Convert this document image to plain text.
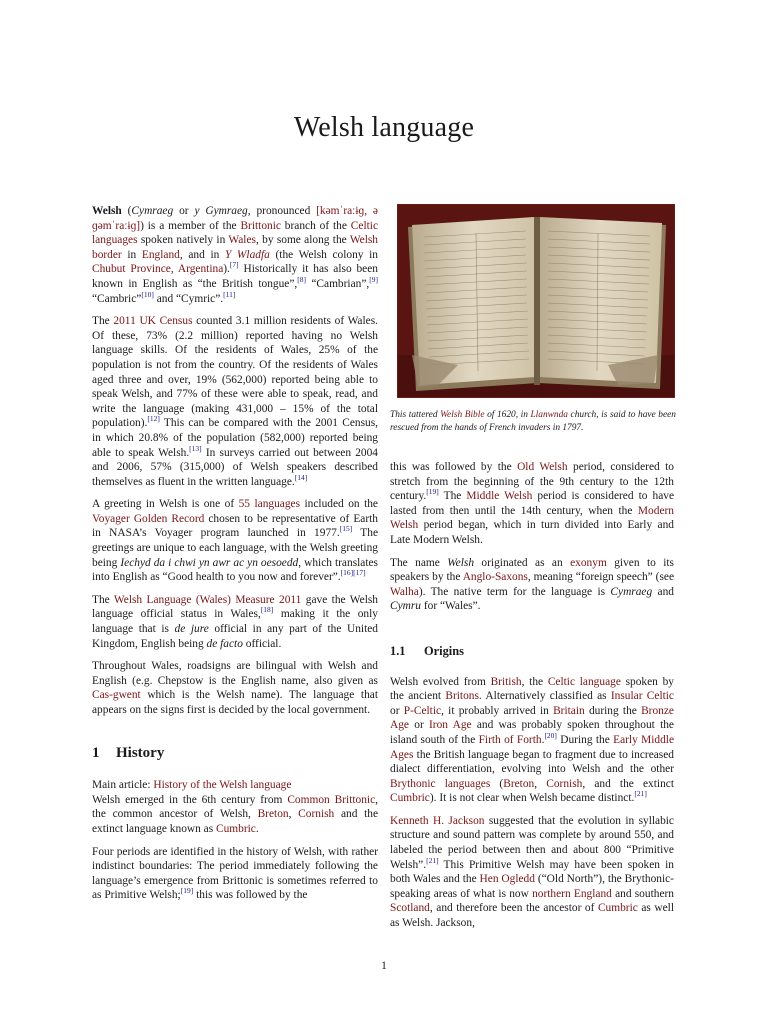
Welsh language

Welsh (Cymraeg or y Gymraeg, pronounced [kəmˈraːɨɡ, ə ɡəmˈraːɨɡ]) is a member of the Brittonic branch of the Celtic languages spoken natively in Wales, by some along the Welsh border in England, and in Y Wladfa (the Welsh colony in Chubut Province, Argentina).[7] Historically it has also been known in English as “the British tongue”,[8] “Cambrian”,[9] “Cambric”[10] and “Cymric”.[11]

The 2011 UK Census counted 3.1 million residents of Wales. Of these, 73% (2.2 million) reported having no Welsh language skills. Of the residents of Wales, 25% of the population is not from the country. Of the residents of Wales aged three and over, 19% (562,000) reported being able to speak Welsh, and 77% of these were able to speak, read, and write the language (making 431,000 – 15% of the total population).[12] This can be compared with the 2001 Census, in which 20.8% of the population (582,000) reported being able to speak Welsh.[13] In surveys carried out between 2004 and 2006, 57% (315,000) of Welsh speakers described themselves as fluent in the written language.[14]

A greeting in Welsh is one of 55 languages included on the Voyager Golden Record chosen to be representative of Earth in NASA’s Voyager program launched in 1977.[15] The greetings are unique to each language, with the Welsh greeting being Iechyd da i chwi yn awr ac yn oesoedd, which translates into English as “Good health to you now and forever”.[16][17]

The Welsh Language (Wales) Measure 2011 gave the Welsh language official status in Wales,[18] making it the only language that is de jure official in any part of the United Kingdom, English being de facto official.

Throughout Wales, roadsigns are bilingual with Welsh and English (e.g. Chepstow is the English name, also given as Cas-gwent which is the Welsh name). The language that appears on the signs first is decided by the local government.

1 History

Main article: History of the Welsh language

Welsh emerged in the 6th century from Common Brittonic, the common ancestor of Welsh, Breton, Cornish and the extinct language known as Cumbric.

Four periods are identified in the history of Welsh, with rather indistinct boundaries: The period immediately following the language’s emergence from Brittonic is sometimes referred to as Primitive Welsh;[19] this was followed by the

This tattered Welsh Bible of 1620, in Llanwnda church, is said to have been rescued from the hands of French invaders in 1797.

this was followed by the Old Welsh period, considered to stretch from the beginning of the 9th century to the 12th century.[19] The Middle Welsh period is considered to have lasted from then until the 14th century, when the Modern Welsh period began, which in turn divided into Early and Late Modern Welsh.

The name Welsh originated as an exonym given to its speakers by the Anglo-Saxons, meaning “foreign speech” (see Walha). The native term for the language is Cymraeg and Cymru for “Wales”.

1.1 Origins

Welsh evolved from British, the Celtic language spoken by the ancient Britons. Alternatively classified as Insular Celtic or P-Celtic, it probably arrived in Britain during the Bronze Age or Iron Age and was probably spoken throughout the island south of the Firth of Forth.[20] During the Early Middle Ages the British language began to fragment due to increased dialect differentiation, evolving into Welsh and the other Brythonic languages (Breton, Cornish, and the extinct Cumbric). It is not clear when Welsh became distinct.[21]

Kenneth H. Jackson suggested that the evolution in syllabic structure and sound pattern was complete by around 550, and labeled the period between then and about 800 “Primitive Welsh”.[21] This Primitive Welsh may have been spoken in both Wales and the Hen Ogledd (“Old North”), the Brythonic-speaking areas of what is now northern England and southern Scotland, and therefore been the ancestor of Cumbric as well as Welsh. Jackson,

1
